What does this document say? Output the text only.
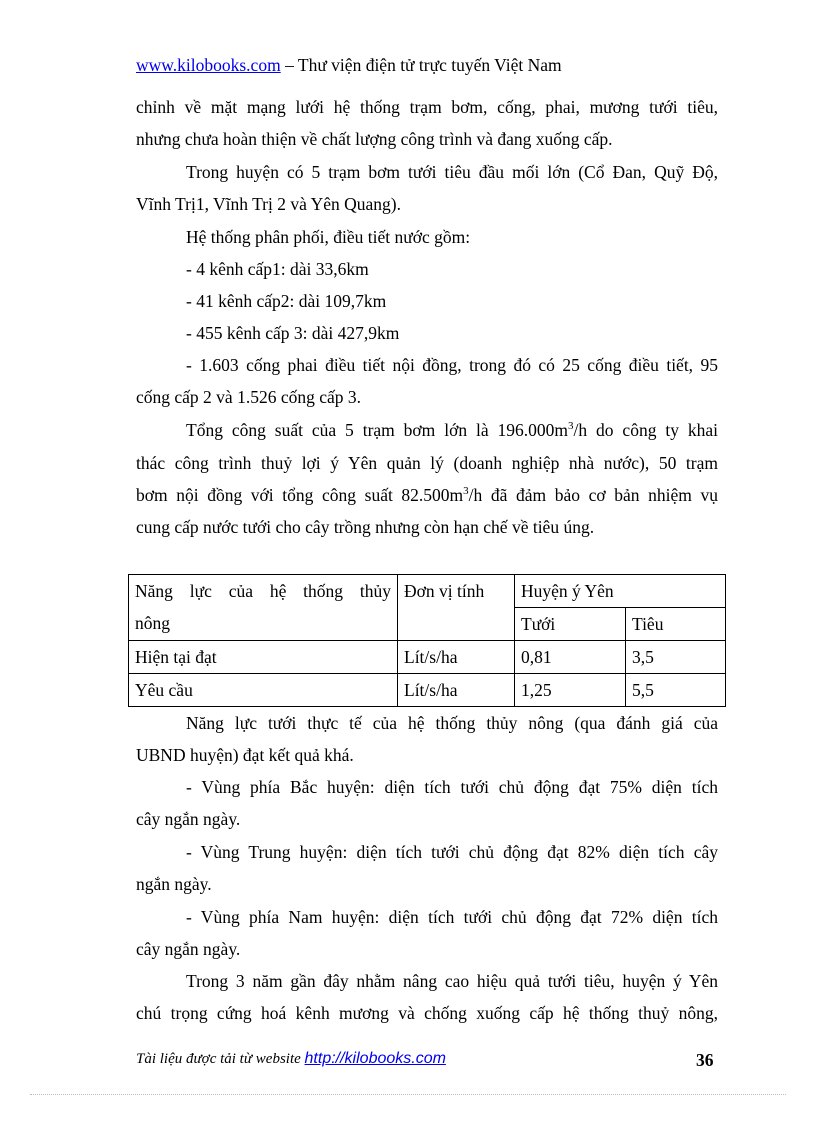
www.kilobooks.com – Thư viện điện tử trực tuyến Việt Nam
chỉnh về mặt mạng lưới hệ thống trạm bơm, cống, phai, mương tưới tiêu,
nhưng chưa hoàn thiện về chất lượng công trình và đang xuống cấp.
Trong huyện có 5 trạm bơm tưới tiêu đầu mối lớn (Cổ Đan, Quỹ Độ,
Vĩnh Trị1, Vĩnh Trị 2 và Yên Quang).
Hệ thống phân phối, điều tiết nước gồm:
- 4 kênh cấp1: dài 33,6km
- 41 kênh cấp2: dài 109,7km
- 455 kênh cấp 3: dài 427,9km
- 1.603 cống phai điều tiết nội đồng, trong đó có 25 cống điều tiết, 95
cống cấp 2 và 1.526 cống cấp 3.
Tổng công suất của 5 trạm bơm lớn là $196.000m^3/h$ do công ty khai
thác công trình thuỷ lợi ý Yên quản lý (doanh nghiệp nhà nước), 50 trạm
bơm nội đồng với tổng công suất $82.500m^3/h$ đã đảm bảo cơ bản nhiệm vụ
cung cấp nước tưới cho cây trồng nhưng còn hạn chế về tiêu úng.
Năng lực của hệ thống thủy
nông	Đơn vị tính	Huyện ý Yên	
		Tưới	Tiêu
Hiện tại đạt	Lít/s/ha	0,81	3,5
Yêu cầu	Lít/s/ha	1,25	5,5
Năng lực tưới thực tế của hệ thống thủy nông (qua đánh giá của
UBND huyện) đạt kết quả khá.
- Vùng phía Bắc huyện: diện tích tưới chủ động đạt 75% diện tích
cây ngắn ngày.
- Vùng Trung huyện: diện tích tưới chủ động đạt 82% diện tích cây
ngắn ngày.
- Vùng phía Nam huyện: diện tích tưới chủ động đạt 72% diện tích
cây ngắn ngày.
Trong 3 năm gần đây nhằm nâng cao hiệu quả tưới tiêu, huyện ý Yên
chú trọng cứng hoá kênh mương và chống xuống cấp hệ thống thuỷ nông,
Tài liệu được tải từ website http://kilobooks.com	36
